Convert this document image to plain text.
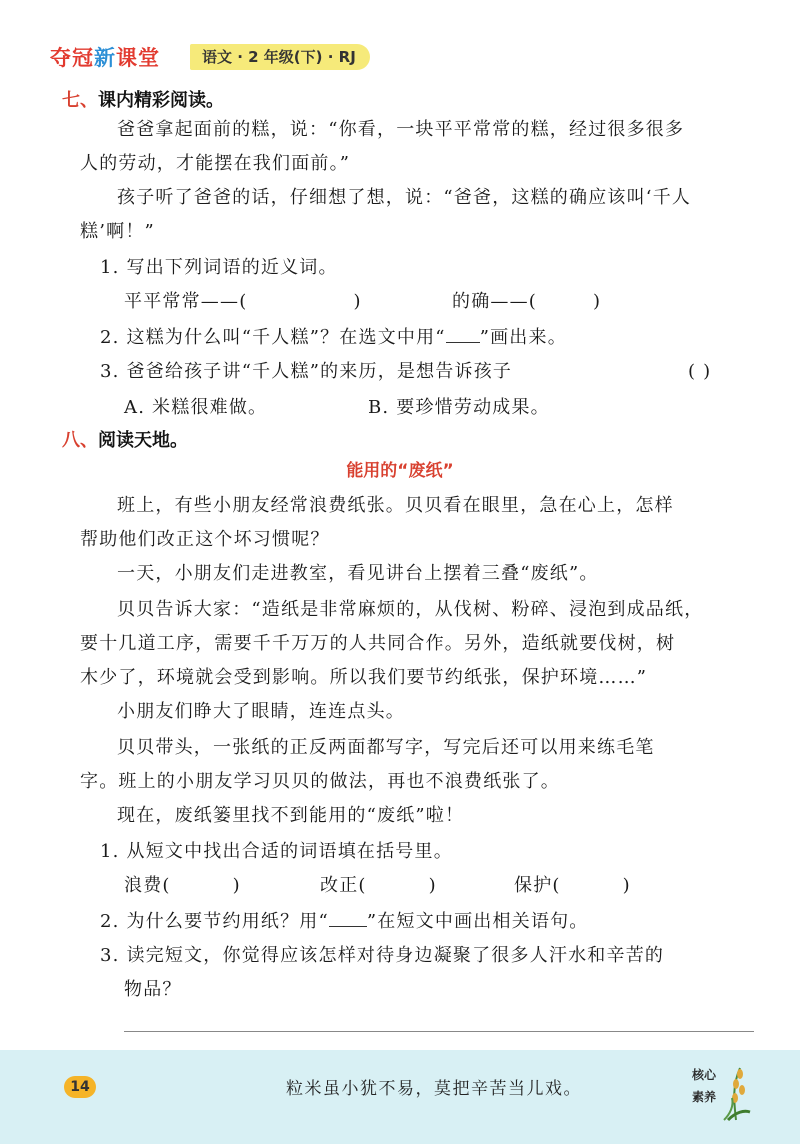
夺冠新课堂	语文 · 2 年级(下) · RJ
七、课内精彩阅读。
爸爸拿起面前的糕，说：“你看，一块平平常常的糕，经过很多很多
人的劳动，才能摆在我们面前。”
孩子听了爸爸的话，仔细想了想，说：“爸爸，这糕的确应该叫‘千人
糕’啊！”
1. 写出下列词语的近义词。
平平常常——(	)	的确——(	)
2. 这糕为什么叫“千人糕”？在选文中用“ ”画出来。
3. 爸爸给孩子讲“千人糕”的来历，是想告诉孩子	( )
A. 米糕很难做。	B. 要珍惜劳动成果。
八、阅读天地。
能用的“废纸”
班上，有些小朋友经常浪费纸张。贝贝看在眼里，急在心上，怎样
帮助他们改正这个坏习惯呢？
一天，小朋友们走进教室，看见讲台上摆着三叠“废纸”。
贝贝告诉大家：“造纸是非常麻烦的，从伐树、粉碎、浸泡到成品纸，
要十几道工序，需要千千万万的人共同合作。另外，造纸就要伐树，树
木少了，环境就会受到影响。所以我们要节约纸张，保护环境……”
小朋友们睁大了眼睛，连连点头。
贝贝带头，一张纸的正反两面都写字，写完后还可以用来练毛笔
字。班上的小朋友学习贝贝的做法，再也不浪费纸张了。
现在，废纸篓里找不到能用的“废纸”啦！
1. 从短文中找出合适的词语填在括号里。
浪费(	)	改正(	)	保护(	)
2. 为什么要节约用纸？用“ ”在短文中画出相关语句。
3. 读完短文，你觉得应该怎样对待身边凝聚了很多人汗水和辛苦的
物品？
14	粒米虽小犹不易，莫把辛苦当儿戏。
核心
素养
